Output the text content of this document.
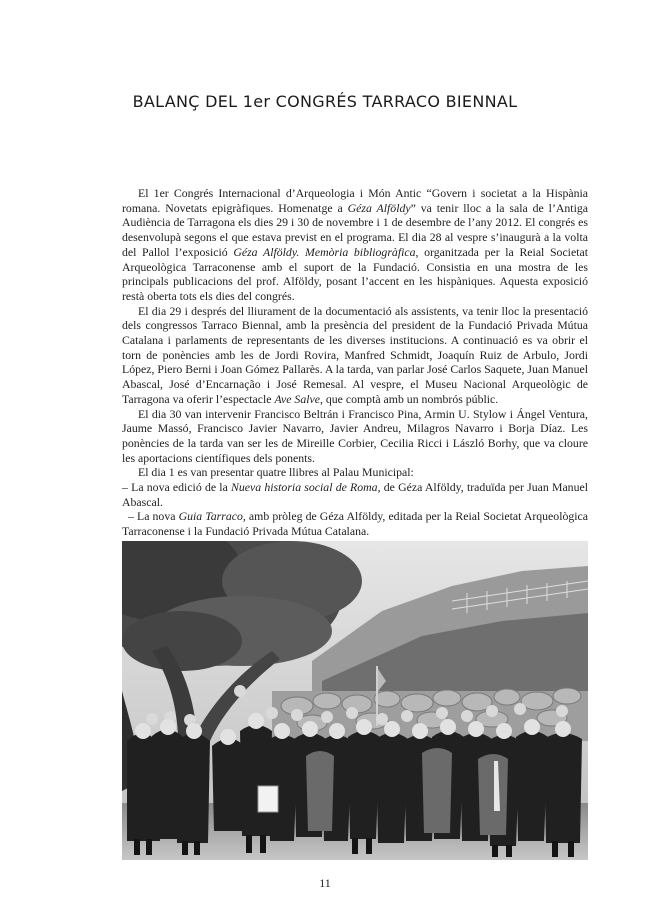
BALANÇ DEL 1er CONGRÉS TARRACO BIENNAL

El 1er Congrés Internacional d’Arqueologia i Món Antic “Govern i societat a la Hispània romana. Novetats epigràfiques. Homenatge a Géza Alföldy” va tenir lloc a la sala de l’Antiga Audiència de Tarragona els dies 29 i 30 de novembre i 1 de desembre de l’any 2012. El congrés es desenvolupà segons el que estava previst en el programa. El dia 28 al vespre s’inaugurà a la volta del Pallol l’exposició Géza Alföldy. Memòria bibliogràfica, organitzada per la Reial Societat Arqueològica Tarraconense amb el suport de la Fundació. Consistia en una mostra de les principals publicacions del prof. Alföldy, posant l’accent en les hispàniques. Aquesta exposició restà oberta tots els dies del congrés.

El dia 29 i després del lliurament de la documentació als assistents, va tenir lloc la presentació dels congressos Tarraco Biennal, amb la presència del president de la Fundació Privada Mútua Catalana i parlaments de representants de les diverses institucions. A continuació es va obrir el torn de ponències amb les de Jordi Rovira, Manfred Schmidt, Joaquín Ruiz de Arbulo, Jordi López, Piero Berni i Joan Gómez Pallarès. A la tarda, van parlar José Carlos Saquete, Juan Manuel Abascal, José d’Encarnação i José Remesal. Al vespre, el Museu Nacional Arqueològic de Tarragona va oferir l’espectacle Ave Salve, que comptà amb un nombrós públic.

El dia 30 van intervenir Francisco Beltrán i Francisco Pina, Armin U. Stylow i Ángel Ventura, Jaume Massó, Francisco Javier Navarro, Javier Andreu, Milagros Navarro i Borja Díaz. Les ponències de la tarda van ser les de Mireille Corbier, Cecilia Ricci i László Borhy, que va cloure les aportacions científiques dels ponents.

El dia 1 es van presentar quatre llibres al Palau Municipal:

– La nova edició de la Nueva historia social de Roma, de Géza Alföldy, traduïda per Juan Manuel Abascal.

– La nova Guia Tarraco, amb pròleg de Géza Alföldy, editada per la Reial Societat Arqueològica Tarraconense i la Fundació Privada Mútua Catalana.

11
